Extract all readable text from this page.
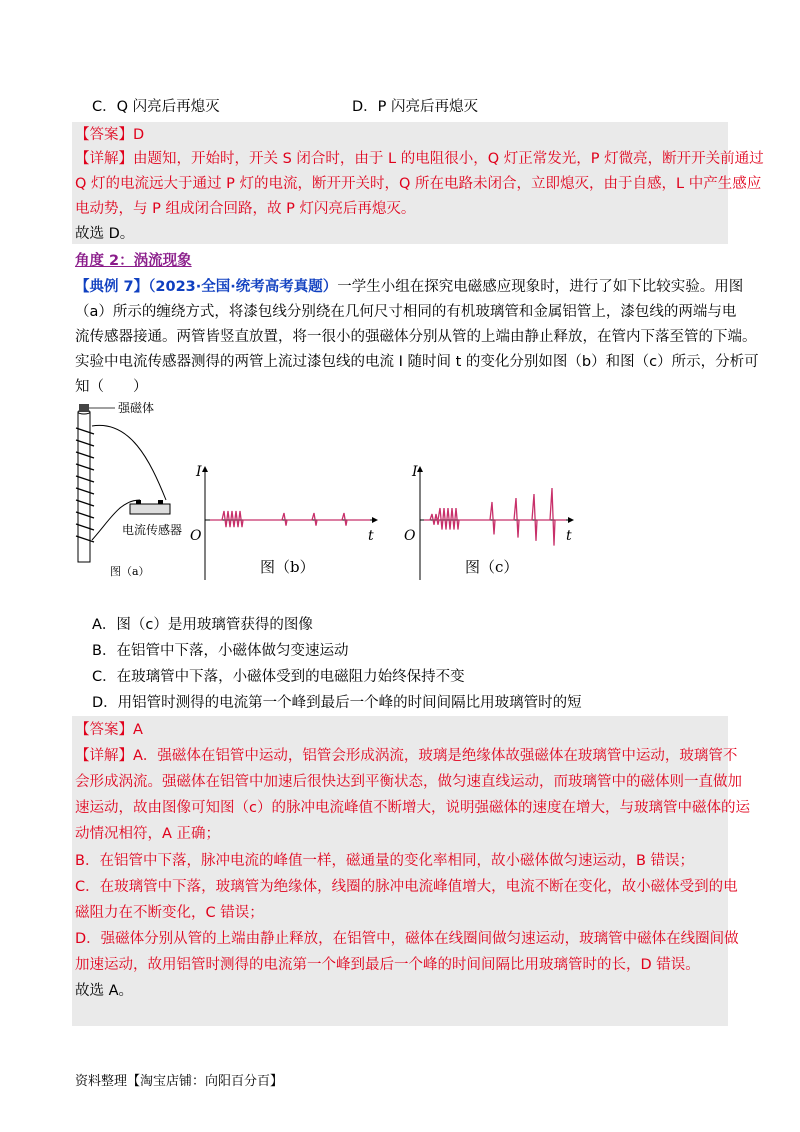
C．Q 闪亮后再熄灭	D．P 闪亮后再熄灭
【答案】D
【详解】由题知，开始时，开关 S 闭合时，由于 L 的电阻很小，Q 灯正常发光，P 灯微亮，断开开关前通过
Q 灯的电流远大于通过 P 灯的电流，断开开关时，Q 所在电路未闭合，立即熄灭，由于自感，L 中产生感应
电动势，与 P 组成闭合回路，故 P 灯闪亮后再熄灭。
故选 D。
角度 2：涡流现象
【典例 7】（2023·全国·统考高考真题）一学生小组在探究电磁感应现象时，进行了如下比较实验。用图
（a）所示的缠绕方式，将漆包线分别绕在几何尺寸相同的有机玻璃管和金属铝管上，漆包线的两端与电
流传感器接通。两管皆竖直放置，将一很小的强磁体分别从管的上端由静止释放，在管内下落至管的下端。
实验中电流传感器测得的两管上流过漆包线的电流 I 随时间 t 的变化分别如图（b）和图（c）所示，分析可
知（　　）
强磁体
电流传感器
图（a）
I
t
O
图（b）
I
t
O
图（c）
A．图（c）是用玻璃管获得的图像
B．在铝管中下落，小磁体做匀变速运动
C．在玻璃管中下落，小磁体受到的电磁阻力始终保持不变
D．用铝管时测得的电流第一个峰到最后一个峰的时间间隔比用玻璃管时的短
【答案】A
【详解】A．强磁体在铝管中运动，铝管会形成涡流，玻璃是绝缘体故强磁体在玻璃管中运动，玻璃管不
会形成涡流。强磁体在铝管中加速后很快达到平衡状态，做匀速直线运动，而玻璃管中的磁体则一直做加
速运动，故由图像可知图（c）的脉冲电流峰值不断增大，说明强磁体的速度在增大，与玻璃管中磁体的运
动情况相符，A 正确；
B．在铝管中下落，脉冲电流的峰值一样，磁通量的变化率相同，故小磁体做匀速运动，B 错误；
C．在玻璃管中下落，玻璃管为绝缘体，线圈的脉冲电流峰值增大，电流不断在变化，故小磁体受到的电
磁阻力在不断变化，C 错误；
D．强磁体分别从管的上端由静止释放，在铝管中，磁体在线圈间做匀速运动，玻璃管中磁体在线圈间做
加速运动，故用铝管时测得的电流第一个峰到最后一个峰的时间间隔比用玻璃管时的长，D 错误。
故选 A。
资料整理【淘宝店铺：向阳百分百】
